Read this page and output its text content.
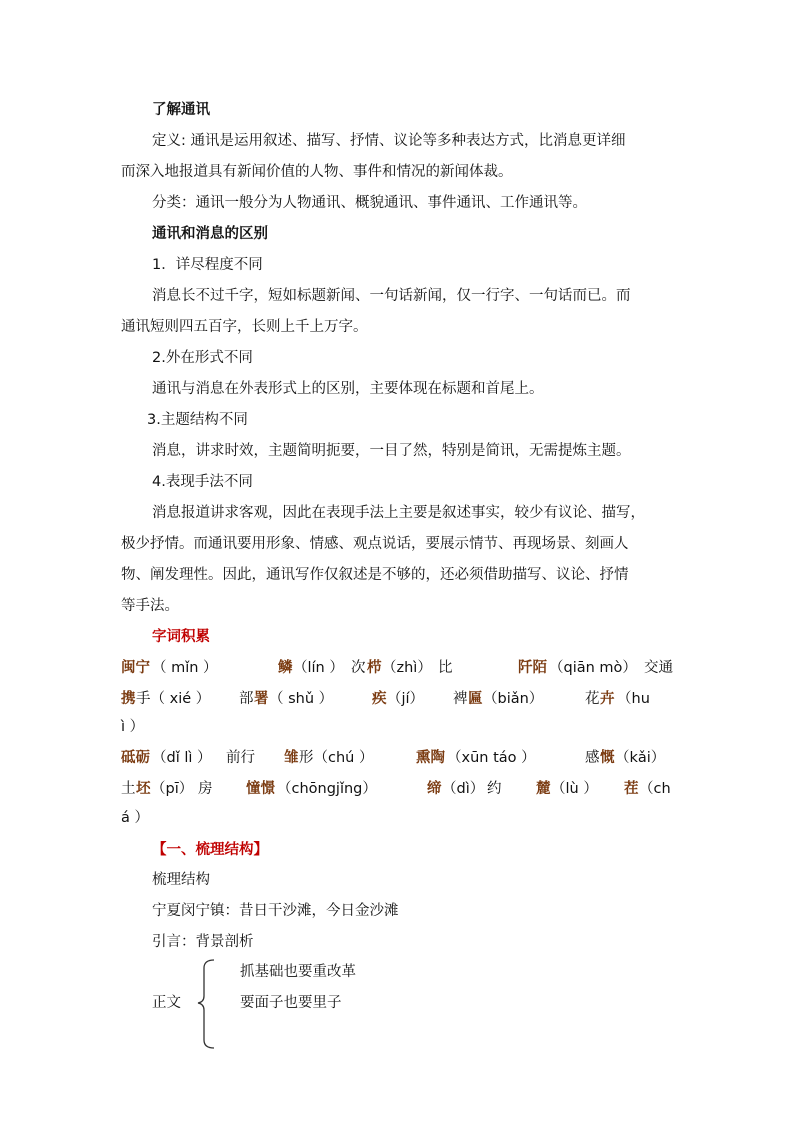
了解通讯
定义: 通讯是运用叙述、描写、抒情、议论等多种表达方式，比消息更详细
而深入地报道具有新闻价值的人物、事件和情况的新闻体裁。
分类：通讯一般分为人物通讯、概貌通讯、事件通讯、工作通讯等。
通讯和消息的区别
1．详尽程度不同
消息长不过千字，短如标题新闻、一句话新闻，仅一行字、一句话而已。而
通讯短则四五百字，长则上千上万字。
2.外在形式不同
通讯与消息在外表形式上的区别，主要体现在标题和首尾上。
3.主题结构不同
消息，讲求时效，主题简明扼要，一目了然，特别是简讯，无需提炼主题。
4.表现手法不同
消息报道讲求客观，因此在表现手法上主要是叙述事实，较少有议论、描写，
极少抒情。而通讯要用形象、情感、观点说话，要展示情节、再现场景、刻画人
物、阐发理性。因此，通讯写作仅叙述是不够的，还必须借助描写、议论、抒情
等手法。
字词积累
闽宁 （ mǐn ）	鳞 （lín ） 次 栉 （zhì） 比	阡陌 （qiān mò） 交通
携 手（ xié ） 部 署 （ shǔ ）	疾 （jí） 裨 匾 （biǎn）	花 卉 （hu
ì ）
砥砺 （dǐ lì ） 前行 雏 形（chú ）	熏陶 （xūn táo ）	感 慨 （kǎi）
土 坯 （pī） 房 憧憬 （chōngjǐng）	缔 （dì） 约 麓 （lù ） 茬 （ch
á ）
【一、梳理结构】
梳理结构
宁夏闵宁镇：昔日干沙滩，今日金沙滩
引言：背景剖析
正文
抓基础也要重改革
要面子也要里子
